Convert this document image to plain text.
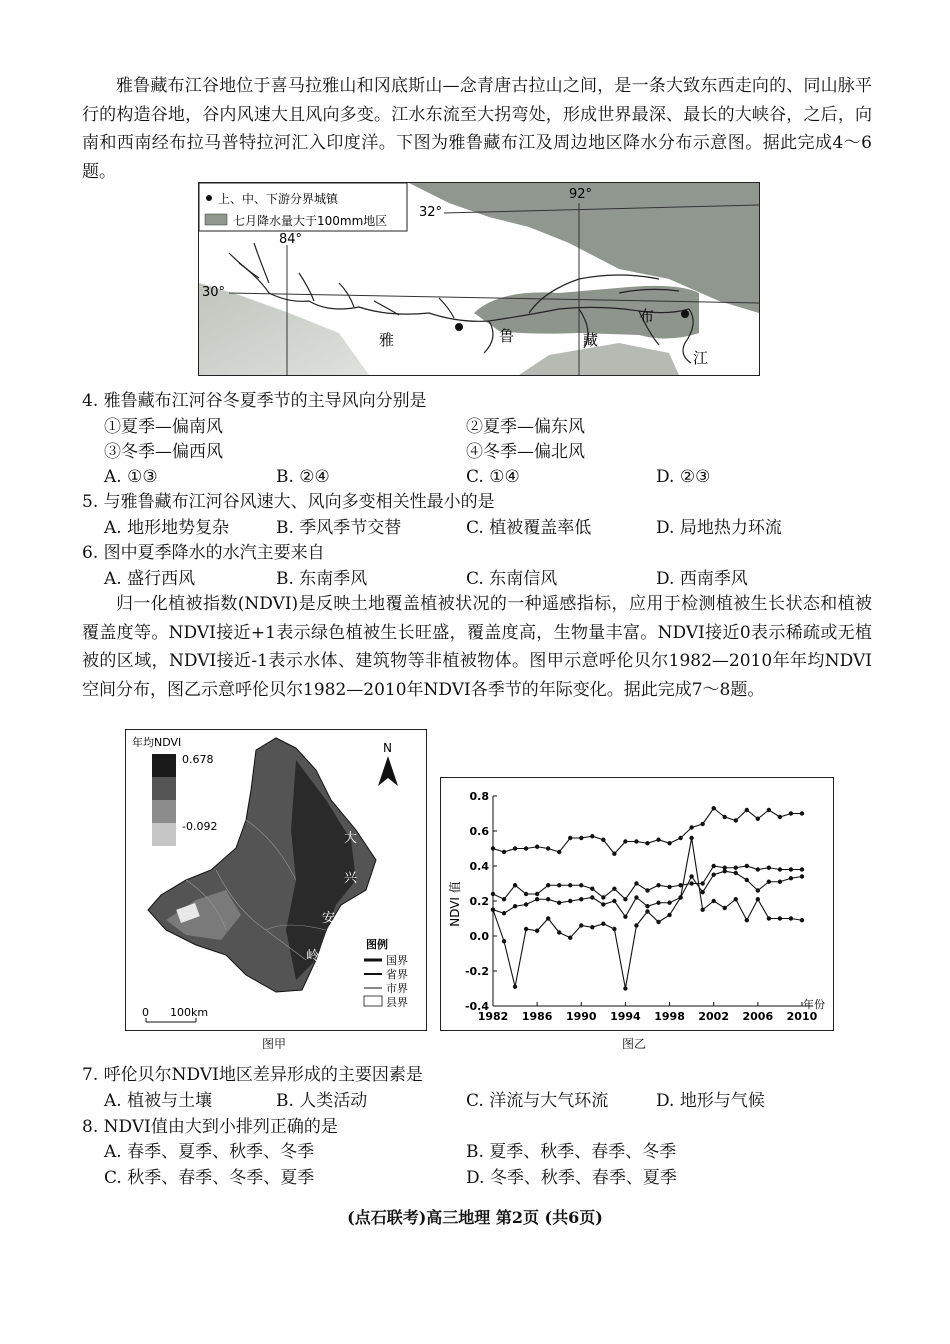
雅鲁藏布江谷地位于喜马拉雅山和冈底斯山—念青唐古拉山之间，是一条大致东西走向的、同山脉平行的构造谷地，谷内风速大且风向多变。江水东流至大拐弯处，形成世界最深、最长的大峡谷，之后，向南和西南经布拉马普特拉河汇入印度洋。下图为雅鲁藏布江及周边地区降水分布示意图。据此完成4～6题。
上、中、下游分界城镇
七月降水量大于100mm地区
92°
32°
84°
30°
雅	鲁	藏
布
江
4. 雅鲁藏布江河谷冬夏季节的主导风向分别是
①夏季—偏南风	②夏季—偏东风
③冬季—偏西风	④冬季—偏北风
A. ①③	B. ②④	C. ①④	D. ②③
5. 与雅鲁藏布江河谷风速大、风向多变相关性最小的是
A. 地形地势复杂	B. 季风季节交替	C. 植被覆盖率低	D. 局地热力环流
6. 图中夏季降水的水汽主要来自
A. 盛行西风	B. 东南季风	C. 东南信风	D. 西南季风
归一化植被指数(NDVI)是反映土地覆盖植被状况的一种遥感指标，应用于检测植被生长状态和植被覆盖度等。NDVI接近+1表示绿色植被生长旺盛，覆盖度高，生物量丰富。NDVI接近0表示稀疏或无植被的区域，NDVI接近-1表示水体、建筑物等非植被物体。图甲示意呼伦贝尔1982—2010年年均NDVI空间分布，图乙示意呼伦贝尔1982—2010年NDVI各季节的年际变化。据此完成7～8题。
年均NDVI
0.678
-0.092
N
大
兴
安
岭
图例
国界
省界
市界
县界
0 100km
图甲
0.8
0.6
0.4
0.2
0.0
-0.2
-0.4
1982 1986 1990 1994 1998 2002 2006 2010
NDVI 值
年份
图乙
7. 呼伦贝尔NDVI地区差异形成的主要因素是
A. 植被与土壤	B. 人类活动	C. 洋流与大气环流	D. 地形与气候
8. NDVI值由大到小排列正确的是
A. 春季、夏季、秋季、冬季	B. 夏季、秋季、春季、冬季
C. 秋季、春季、冬季、夏季	D. 冬季、秋季、春季、夏季
(点石联考)高三地理 第2页 (共6页)
